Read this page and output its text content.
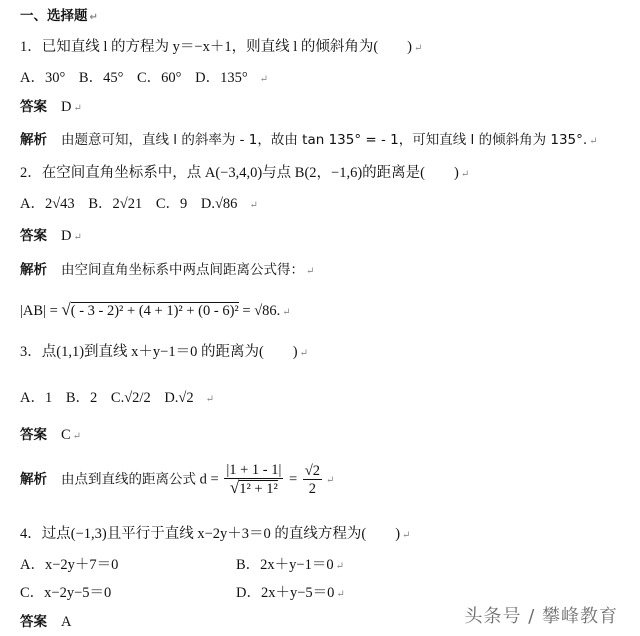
一、选择题 ↵
1．已知直线 l 的方程为 y＝−x＋1，则直线 l 的倾斜角为(　　) ↵
A．30° B．45° C．60° D．135° ↵
答案 D ↵
解析 由题意可知，直线 l 的斜率为 - 1，故由 tan 135° = - 1，可知直线 l 的倾斜角为 135°. ↵
2．在空间直角坐标系中，点 A(−3,4,0)与点 B(2，−1,6)的距离是(　　) ↵
A．2√43 B．2√21 C．9 D.√86 ↵
答案 D ↵
解析 由空间直角坐标系中两点间距离公式得： ↵
|AB| = √( - 3 - 2)² + (4 + 1)² + (0 - 6)² = √86. ↵
3．点(1,1)到直线 x＋y−1＝0 的距离为(　　) ↵
A．1 B．2 C.√2/2 D.√2 ↵
答案 C ↵
解析 由点到直线的距离公式 $d = \frac{|1 + 1 - 1|}{\text{√1² + 1²}} = \frac{√2}{2}$ ↵
4．过点(−1,3)且平行于直线 x−2y＋3＝0 的直线方程为(　　) ↵
A．x−2y＋7＝0	B．2x＋y−1＝0 ↵
C．x−2y−5＝0	D．2x＋y−5＝0 ↵
答案 A	头条号 / 攀峰教育
